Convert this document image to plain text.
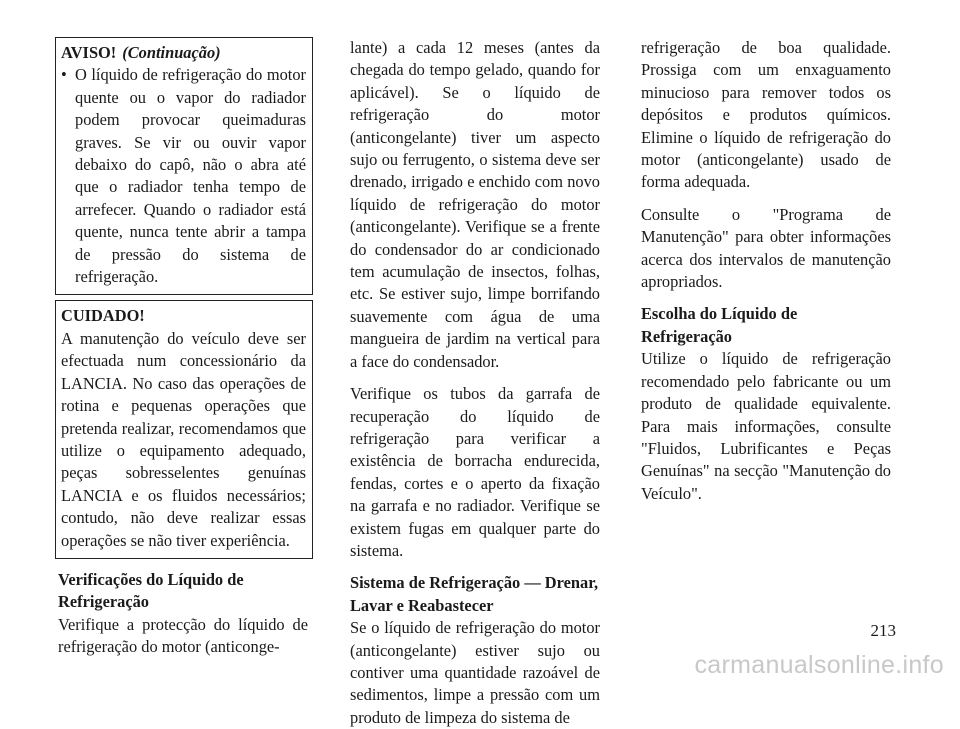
AVISO! (Continuação)
• O líquido de refrigeração do motor quente ou o vapor do radiador podem provocar queimaduras graves. Se vir ou ouvir vapor debaixo do capô, não o abra até que o radiador tenha tempo de arrefecer. Quando o radiador está quente, nunca tente abrir a tampa de pressão do sistema de refrigeração.
CUIDADO!

A manutenção do veículo deve ser efectuada num concessionário da LANCIA. No caso das operações de rotina e pequenas operações que pretenda realizar, recomendamos que utilize o equipamento adequado, peças sobresselentes genuínas LANCIA e os fluidos necessários; contudo, não deve realizar essas operações se não tiver experiência.

Verificações do Líquido de Refrigeração

Verifique a protecção do líquido de refrigeração do motor (anticonge-

lante) a cada 12 meses (antes da chegada do tempo gelado, quando for aplicável). Se o líquido de refrigeração do motor (anticongelante) tiver um aspecto sujo ou ferrugento, o sistema deve ser drenado, irrigado e enchido com novo líquido de refrigeração do motor (anticongelante). Verifique se a frente do condensador do ar condicionado tem acumulação de insectos, folhas, etc. Se estiver sujo, limpe borrifando suavemente com água de uma mangueira de jardim na vertical para a face do condensador.

Verifique os tubos da garrafa de recuperação do líquido de refrigeração para verificar a existência de borracha endurecida, fendas, cortes e o aperto da fixação na garrafa e no radiador. Verifique se existem fugas em qualquer parte do sistema.

Sistema de Refrigeração — Drenar, Lavar e Reabastecer

Se o líquido de refrigeração do motor (anticongelante) estiver sujo ou contiver uma quantidade razoável de sedimentos, limpe a pressão com um produto de limpeza do sistema de

refrigeração de boa qualidade. Prossiga com um enxaguamento minucioso para remover todos os depósitos e produtos químicos. Elimine o líquido de refrigeração do motor (anticongelante) usado de forma adequada.

Consulte o "Programa de Manutenção" para obter informações acerca dos intervalos de manutenção apropriados.

Escolha do Líquido de Refrigeração

Utilize o líquido de refrigeração recomendado pelo fabricante ou um produto de qualidade equivalente. Para mais informações, consulte "Fluidos, Lubrificantes e Peças Genuínas" na secção "Manutenção do Veículo".

213
carmanualsonline.info
